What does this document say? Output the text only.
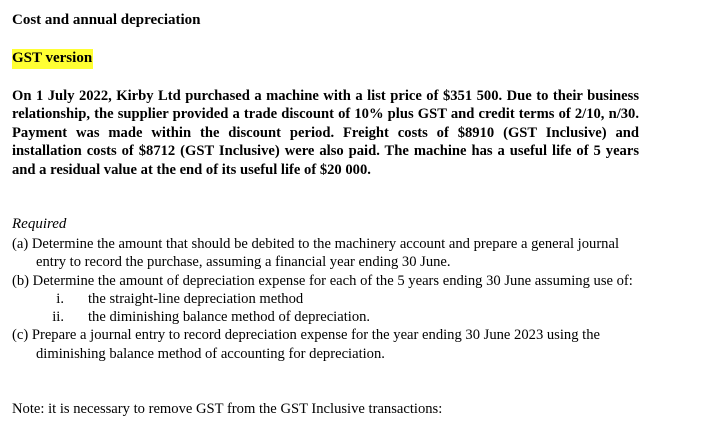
Cost and annual depreciation
GST version
On 1 July 2022, Kirby Ltd purchased a machine with a list price of $351 500. Due to their business relationship, the supplier provided a trade discount of 10% plus GST and credit terms of 2/10, n/30. Payment was made within the discount period. Freight costs of $8910 (GST Inclusive) and installation costs of $8712 (GST Inclusive) were also paid. The machine has a useful life of 5 years and a residual value at the end of its useful life of $20 000.
Required
(a) Determine the amount that should be debited to the machinery account and prepare a general journal entry to record the purchase, assuming a financial year ending 30 June.
(b) Determine the amount of depreciation expense for each of the 5 years ending 30 June assuming use of:
i. the straight-line depreciation method
ii. the diminishing balance method of depreciation.
(c) Prepare a journal entry to record depreciation expense for the year ending 30 June 2023 using the diminishing balance method of accounting for depreciation.
Note: it is necessary to remove GST from the GST Inclusive transactions:
